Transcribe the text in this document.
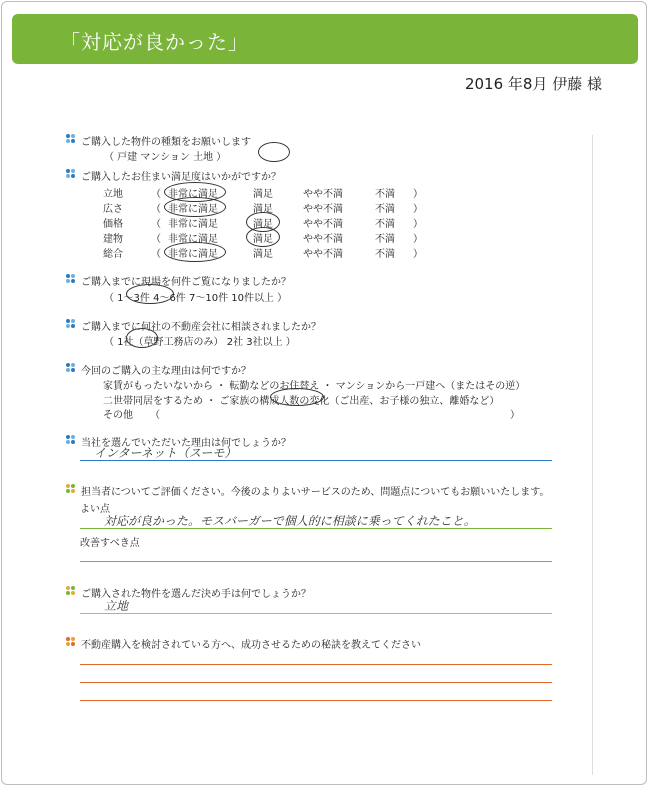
「対応が良かった」
2016 年8月 伊藤 様
ご購入した物件の種類をお願いします
（ 戸建 マンション 土地 ）
ご購入したお住まい満足度はいかがですか？
立地	（ 非常に満足	満足	やや不満	不満 ）
広さ	（ 非常に満足	満足	やや不満	不満 ）
価格	（ 非常に満足	満足	やや不満	不満 ）
建物	（ 非常に満足	満足	やや不満	不満 ）
総合	（ 非常に満足	満足	やや不満	不満 ）
ご購入までに現場を何件ご覧になりましたか？
（ 1～3件 4～6件 7～10件 10件以上 ）
ご購入までに何社の不動産会社に相談されましたか？
（ 1社（草野工務店のみ） 2社 3社以上 ）
今回のご購入の主な理由は何ですか？
家賃がもったいないから ・ 転勤などのお住替え ・ マンションから一戸建へ（またはその逆）
二世帯同居をするため ・ ご家族の構成人数の変化（ご出産、お子様の独立、離婚など）
その他 （	）
当社を選んでいただいた理由は何でしょうか？
インターネット（スーモ）
担当者についてご評価ください。今後のよりよいサービスのため、問題点についてもお願いいたします。
よい点
対応が良かった。モスバーガーで個人的に相談に乗ってくれたこと。
改善すべき点
ご購入された物件を選んだ決め手は何でしょうか？
立地
不動産購入を検討されている方へ、成功させるための秘訣を教えてください
